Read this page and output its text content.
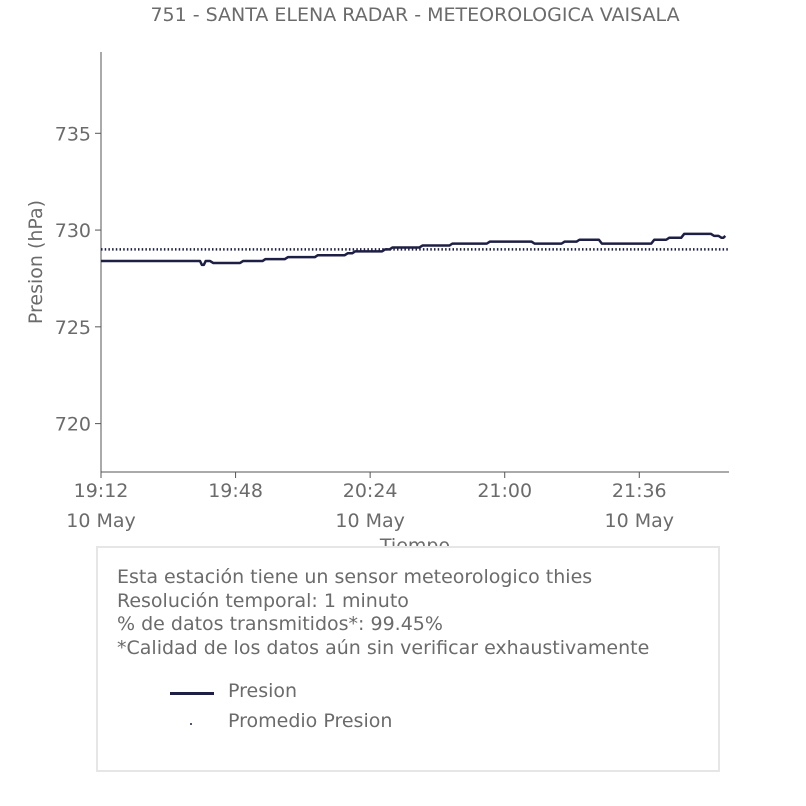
751 - SANTA ELENA RADAR - METEOROLOGICA VAISALA
720
725
730
735
19:12
10 May
19:48	20:24
10 May
21:00	21:36
10 May
Presion (hPa)
Esta estación tiene un sensor meteorologico thies
Resolución temporal: 1 minuto
% de datos transmitidos*: 99.45%
*Calidad de los datos aún sin verificar exhaustivamente
Presion
Promedio Presion
